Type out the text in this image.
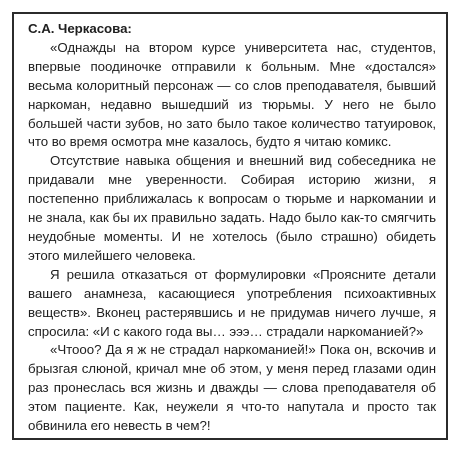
С.А. Черкасова:

«Однажды на втором курсе университета нас, студентов, впервые поодиночке отправили к больным. Мне «достался» весьма колоритный персонаж — со слов преподавателя, бывший наркоман, недавно вышедший из тюрьмы. У него не было большей части зубов, но зато было такое количество татуировок, что во время осмотра мне казалось, будто я читаю комикс.

Отсутствие навыка общения и внешний вид собеседника не придавали мне уверенности. Собирая историю жизни, я постепенно приближалась к вопросам о тюрьме и наркомании и не знала, как бы их правильно задать. Надо было как-то смягчить неудобные моменты. И не хотелось (было страшно) обидеть этого милейшего человека.

Я решила отказаться от формулировки «Проясните детали вашего анамнеза, касающиеся употребления психоактивных веществ». Вконец растерявшись и не придумав ничего лучше, я спросила: «И с какого года вы… эээ… страдали наркоманией?»

«Чтооо? Да я ж не страдал наркоманией!» Пока он, вскочив и брызгая слюной, кричал мне об этом, у меня перед глазами один раз пронеслась вся жизнь и дважды — слова преподавателя об этом пациенте. Как, неужели я что-то напутала и просто так обвинила его невесть в чем?!
